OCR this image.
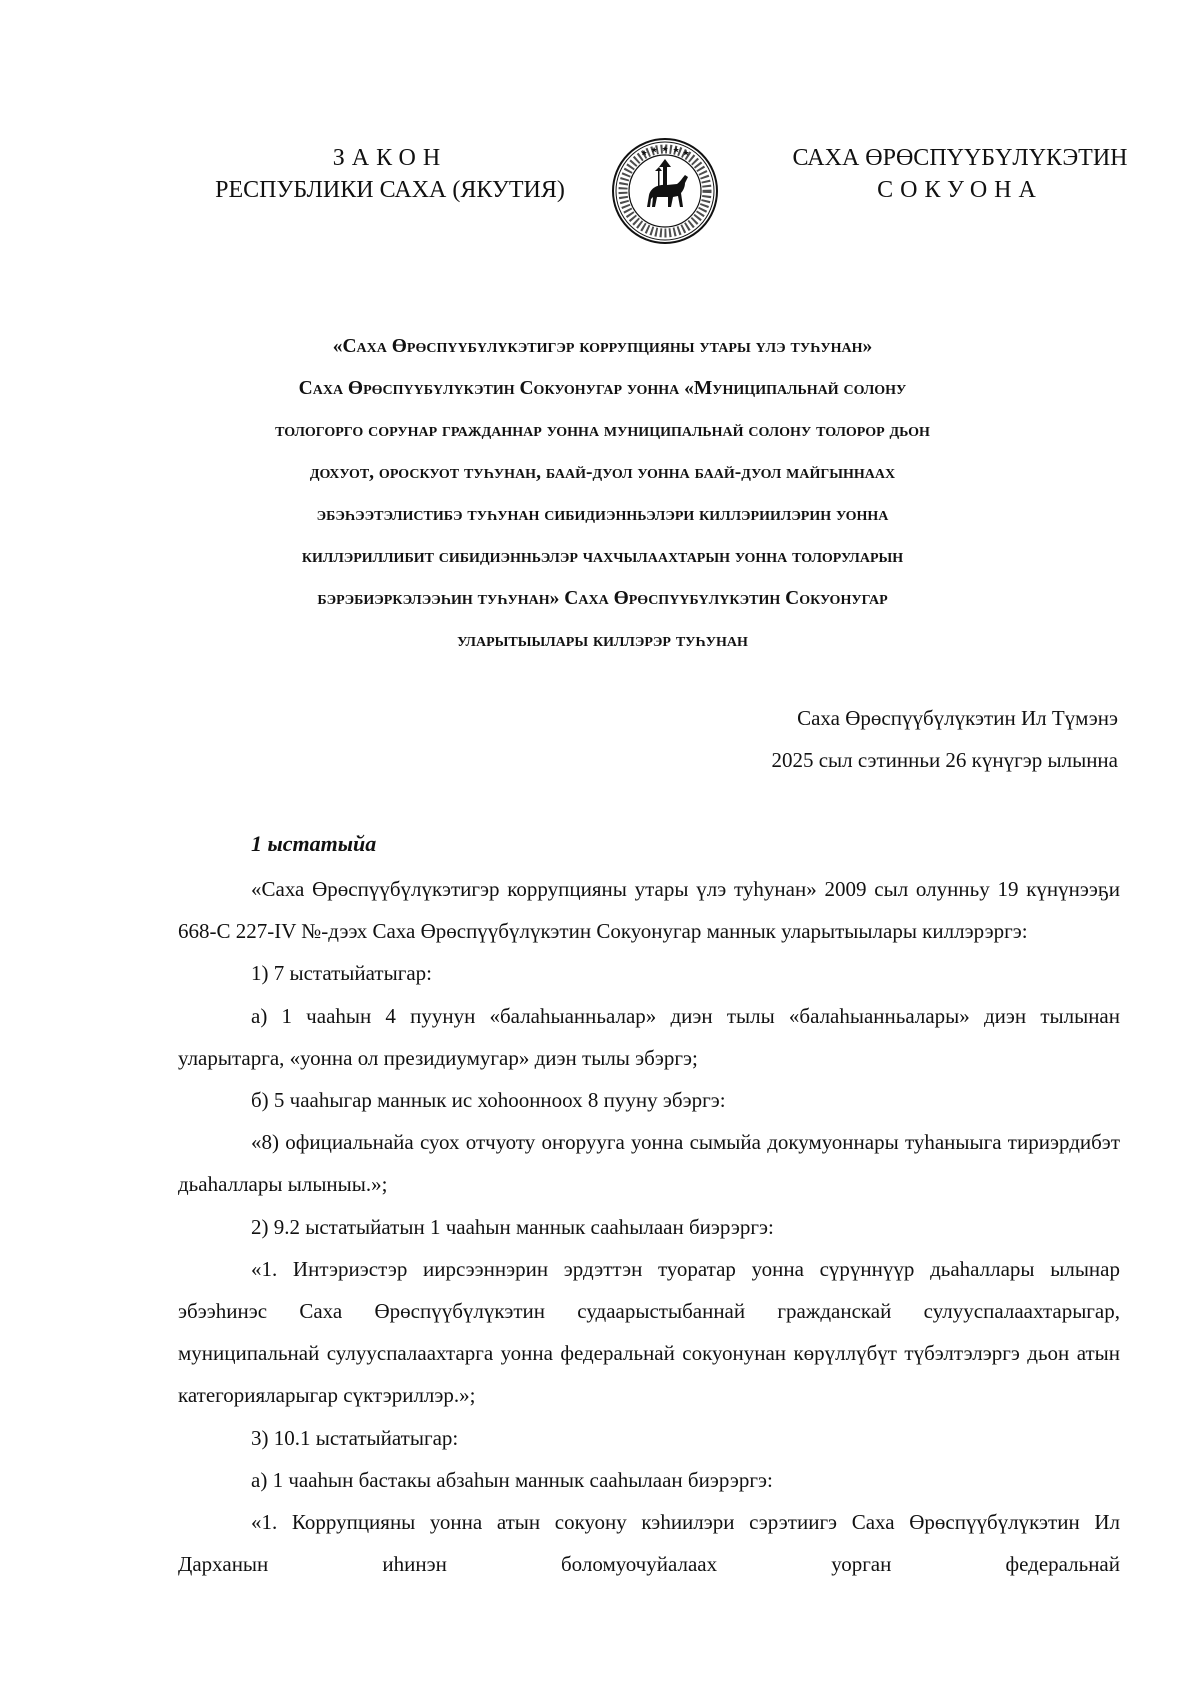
ЗАКОН
РЕСПУБЛИКИ САХА (ЯКУТИЯ)
САХА ӨРӨСПҮҮБҮЛҮКЭТИН
СОКУОНА
«Саха Өрөспүүбүлүкэтигэр коррупцияны утары үлэ туһунан»
Саха Өрөспүүбүлүкэтин Сокуонугар уонна «Муниципальнай солону
тологорго сорунар гражданнар уонна муниципальнай солону толорор дьон
дохуот, ороскуот туһунан, баай-дуол уонна баай-дуол майгыннаах
эбэһээтэлистибэ туһунан сибидиэнньэлэри киллэриилэрин уонна
киллэриллибит сибидиэнньэлэр чахчылаахтарын уонна толоруларын
бэрэбиэркэлээһин туһунан» Саха Өрөспүүбүлүкэтин Сокуонугар
уларытыылары киллэрэр туһунан
Саха Өрөспүүбүлүкэтин Ил Түмэнэ
2025 сыл сэтинньи 26 күнүгэр ылынна
1 ыстатыйа

«Саха Өрөспүүбүлүкэтигэр коррупцияны утары үлэ туһунан» 2009 сыл олунньу 19 күнүнээҕи 668-С 227-IV №-дээх Саха Өрөспүүбүлүкэтин Сокуонугар маннык уларытыылары киллэрэргэ:

1) 7 ыстатыйатыгар:

а) 1 чааһын 4 пуунун «балаһыанньалар» диэн тылы «балаһыанньалары» диэн тылынан уларытарга, «уонна ол президиумугар» диэн тылы эбэргэ;

б) 5 чааһыгар маннык ис хоһоонноох 8 пууну эбэргэ:

«8) официальнайа суох отчуоту оҥорууга уонна сымыйа докумуоннары туһаныыга тириэрдибэт дьаһаллары ылыныы.»;

2) 9.2 ыстатыйатын 1 чааһын маннык сааһылаан биэрэргэ:

«1. Интэриэстэр иирсээннэрин эрдэттэн туоратар уонна сүрүннүүр дьаһаллары ылынар эбээһинэс Саха Өрөспүүбүлүкэтин судаарыстыбаннай гражданскай сулууспалаахтарыгар, муниципальнай сулууспалаахтарга уонна федеральнай сокуонунан көрүллүбүт түбэлтэлэргэ дьон атын категорияларыгар сүктэриллэр.»;

3) 10.1 ыстатыйатыгар:

а) 1 чааһын бастакы абзаһын маннык сааһылаан биэрэргэ:

«1. Коррупцияны уонна атын сокуону кэһиилэри сэрэтиигэ Саха Өрөспүүбүлүкэтин Ил Дарханын иһинэн боломуочуйалаах уорган федеральнай
